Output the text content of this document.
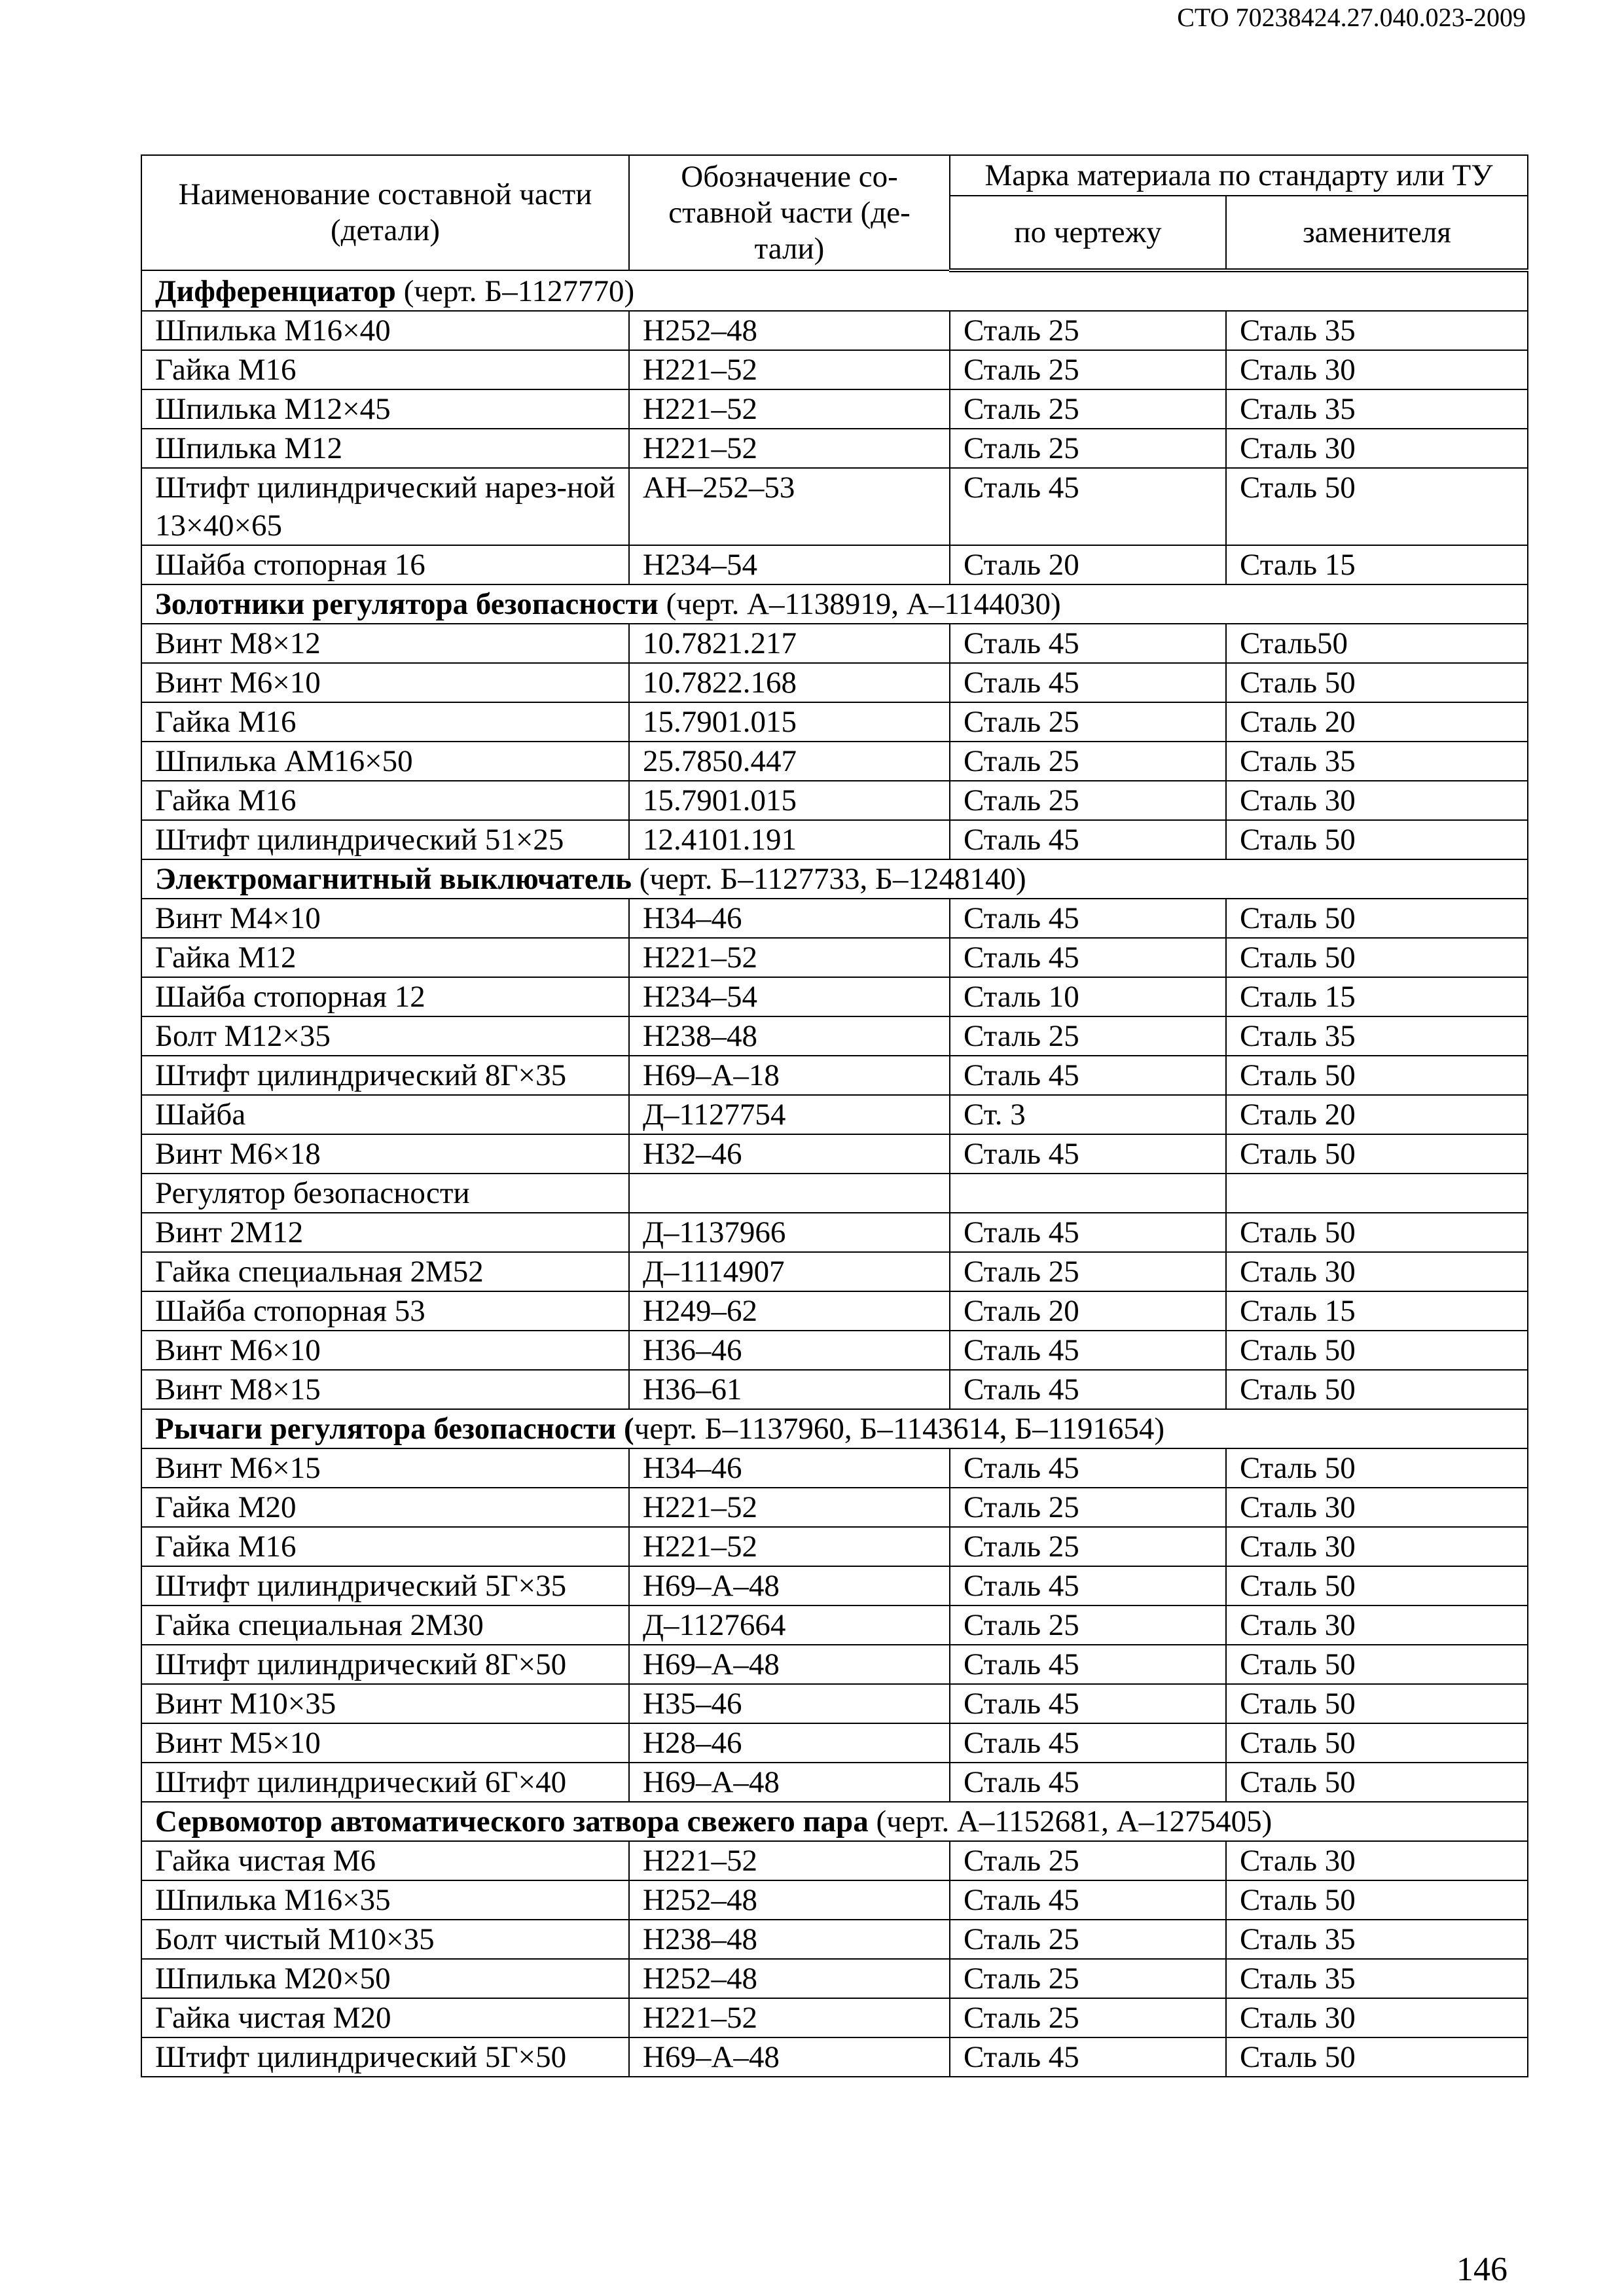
СТО 70238424.27.040.023-2009
Наименование составной части (детали)	Обозначение со-ставной части (де-тали)	Марка материала по стандарту или ТУ	
		по чертежу	заменителя
Дифференциатор (черт. Б–1127770)			
Шпилька М16×40	Н252–48	Сталь 25	Сталь 35
Гайка М16	Н221–52	Сталь 25	Сталь 30
Шпилька М12×45	Н221–52	Сталь 25	Сталь 35
Шпилька М12	Н221–52	Сталь 25	Сталь 30
Штифт цилиндрический нарез-ной 13×40×65	АН–252–53	Сталь 45	Сталь 50
Шайба стопорная 16	Н234–54	Сталь 20	Сталь 15
Золотники регулятора безопасности (черт. А–1138919, А–1144030)			
Винт М8×12	10.7821.217	Сталь 45	Сталь50
Винт М6×10	10.7822.168	Сталь 45	Сталь 50
Гайка М16	15.7901.015	Сталь 25	Сталь 20
Шпилька АМ16×50	25.7850.447	Сталь 25	Сталь 35
Гайка М16	15.7901.015	Сталь 25	Сталь 30
Штифт цилиндрический 51×25	12.4101.191	Сталь 45	Сталь 50
Электромагнитный выключатель (черт. Б–1127733, Б–1248140)			
Винт М4×10	Н34–46	Сталь 45	Сталь 50
Гайка М12	Н221–52	Сталь 45	Сталь 50
Шайба стопорная 12	Н234–54	Сталь 10	Сталь 15
Болт М12×35	Н238–48	Сталь 25	Сталь 35
Штифт цилиндрический 8Г×35	Н69–А–18	Сталь 45	Сталь 50
Шайба	Д–1127754	Ст. 3	Сталь 20
Винт М6×18	Н32–46	Сталь 45	Сталь 50
Регулятор безопасности			
Винт 2М12	Д–1137966	Сталь 45	Сталь 50
Гайка специальная 2М52	Д–1114907	Сталь 25	Сталь 30
Шайба стопорная 53	Н249–62	Сталь 20	Сталь 15
Винт М6×10	Н36–46	Сталь 45	Сталь 50
Винт М8×15	Н36–61	Сталь 45	Сталь 50
Рычаги регулятора безопасности (черт. Б–1137960, Б–1143614, Б–1191654)			
Винт М6×15	Н34–46	Сталь 45	Сталь 50
Гайка М20	Н221–52	Сталь 25	Сталь 30
Гайка М16	Н221–52	Сталь 25	Сталь 30
Штифт цилиндрический 5Г×35	Н69–А–48	Сталь 45	Сталь 50
Гайка специальная 2М30	Д–1127664	Сталь 25	Сталь 30
Штифт цилиндрический 8Г×50	Н69–А–48	Сталь 45	Сталь 50
Винт М10×35	Н35–46	Сталь 45	Сталь 50
Винт М5×10	Н28–46	Сталь 45	Сталь 50
Штифт цилиндрический 6Г×40	Н69–А–48	Сталь 45	Сталь 50
Сервомотор автоматического затвора свежего пара (черт. А–1152681, А–1275405)			
Гайка чистая М6	Н221–52	Сталь 25	Сталь 30
Шпилька М16×35	Н252–48	Сталь 45	Сталь 50
Болт чистый М10×35	Н238–48	Сталь 25	Сталь 35
Шпилька М20×50	Н252–48	Сталь 25	Сталь 35
Гайка чистая М20	Н221–52	Сталь 25	Сталь 30
Штифт цилиндрический 5Г×50	Н69–А–48	Сталь 45	Сталь 50
146
